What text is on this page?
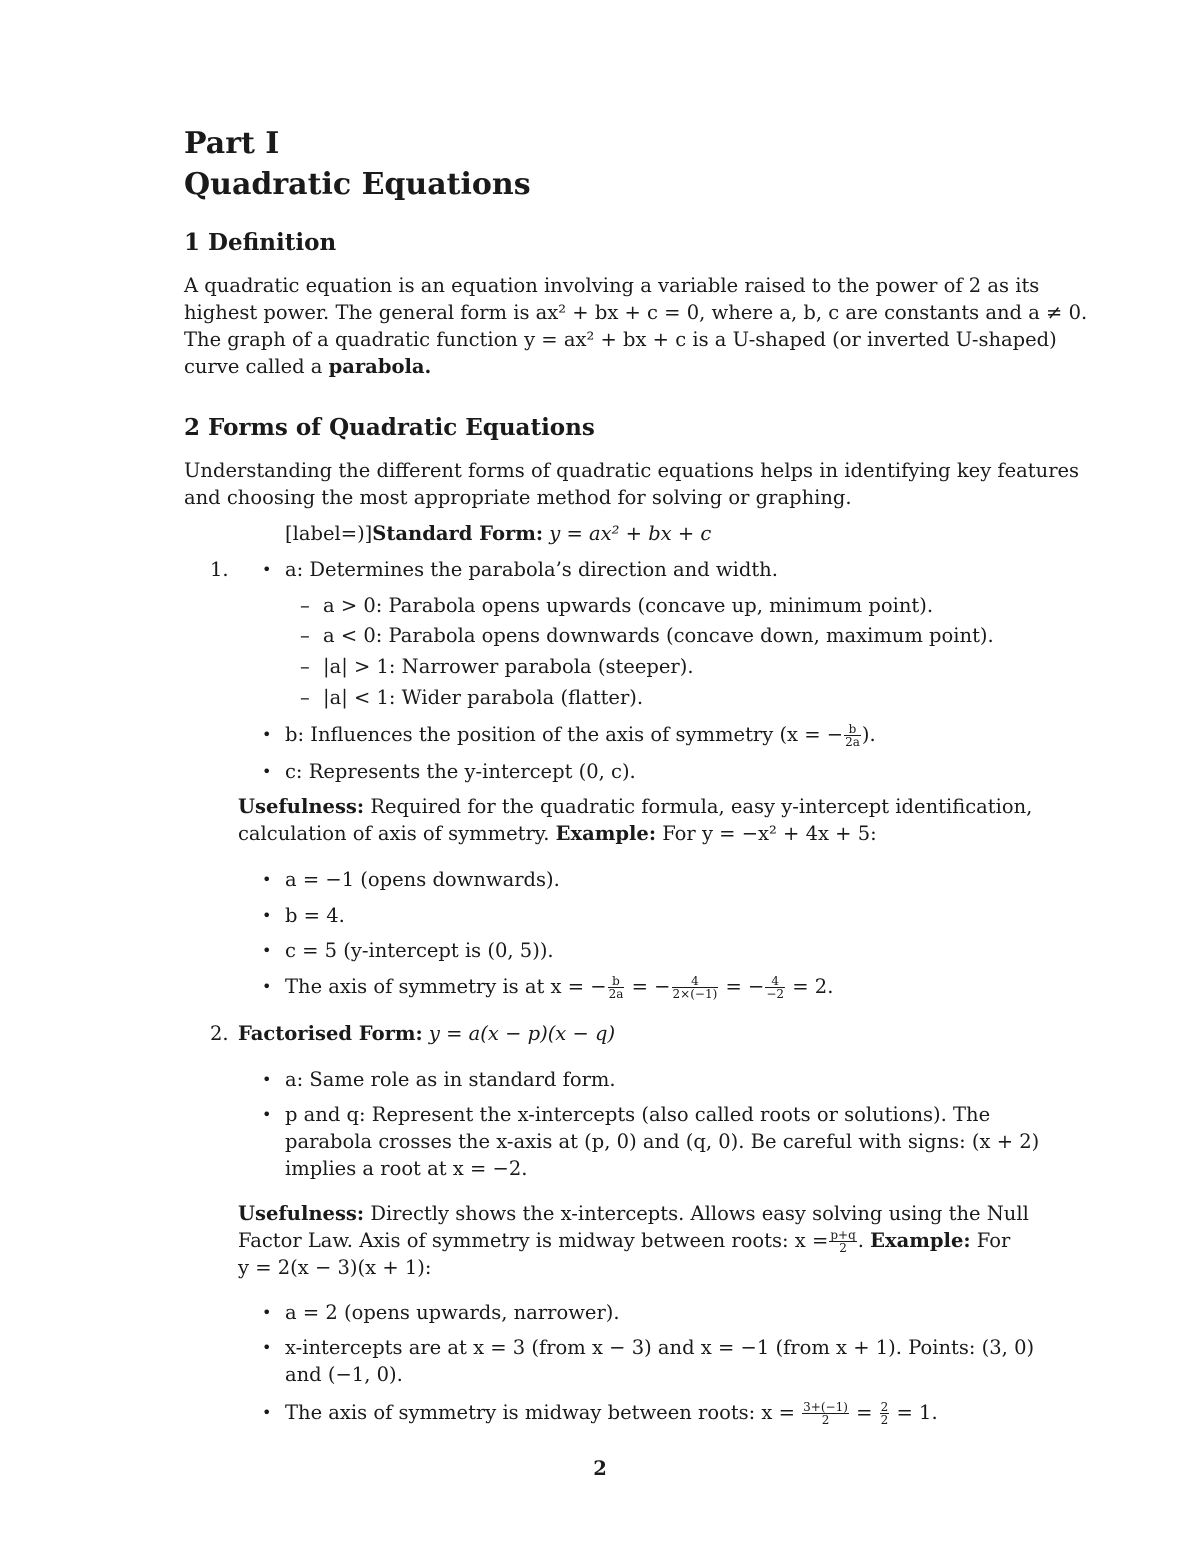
Part I
Quadratic Equations
1 Definition
A quadratic equation is an equation involving a variable raised to the power of 2 as its
highest power. The general form is ax² + bx + c = 0, where a, b, c are constants and a ≠ 0.
The graph of a quadratic function y = ax² + bx + c is a U-shaped (or inverted U-shaped)
curve called a parabola.
2 Forms of Quadratic Equations
Understanding the different forms of quadratic equations helps in identifying key features
and choosing the most appropriate method for solving or graphing.
[label=)]Standard Form: y = ax² + bx + c
1. • a: Determines the parabola’s direction and width.
– a > 0: Parabola opens upwards (concave up, minimum point).
– a < 0: Parabola opens downwards (concave down, maximum point).
– |a| > 1: Narrower parabola (steeper).
– |a| < 1: Wider parabola (flatter).
• b: Influences the position of the axis of symmetry (x = − $\frac{b}{2a}$ ).
• c: Represents the y-intercept (0, c).
Usefulness: Required for the quadratic formula, easy y-intercept identification,
calculation of axis of symmetry. Example: For y = −x² + 4x + 5:
• a = −1 (opens downwards).
• b = 4.
• c = 5 (y-intercept is (0, 5)).
• The axis of symmetry is at x = − $\frac{b}{2a}$ = − $\frac{4}{2\times(-1)}$ = − $\frac{4}{-2} = 2$.
2. Factorised Form: y = a(x − p)(x − q)
• a: Same role as in standard form.
• p and q: Represent the x-intercepts (also called roots or solutions). The
parabola crosses the x-axis at (p, 0) and (q, 0). Be careful with signs: (x + 2)
implies a root at x = −2.
Usefulness: Directly shows the x-intercepts. Allows easy solving using the Null
Factor Law. Axis of symmetry is midway between roots: $x = \frac{p+q}{2}$ . Example: For
y = 2(x − 3)(x + 1):
• a = 2 (opens upwards, narrower).
• x-intercepts are at x = 3 (from x − 3) and x = −1 (from x + 1). Points: (3, 0)
and (−1, 0).
• The axis of symmetry is midway between roots: $x = \frac{3+(-1)}{2} = \frac{2}{2} = 1$.
2
